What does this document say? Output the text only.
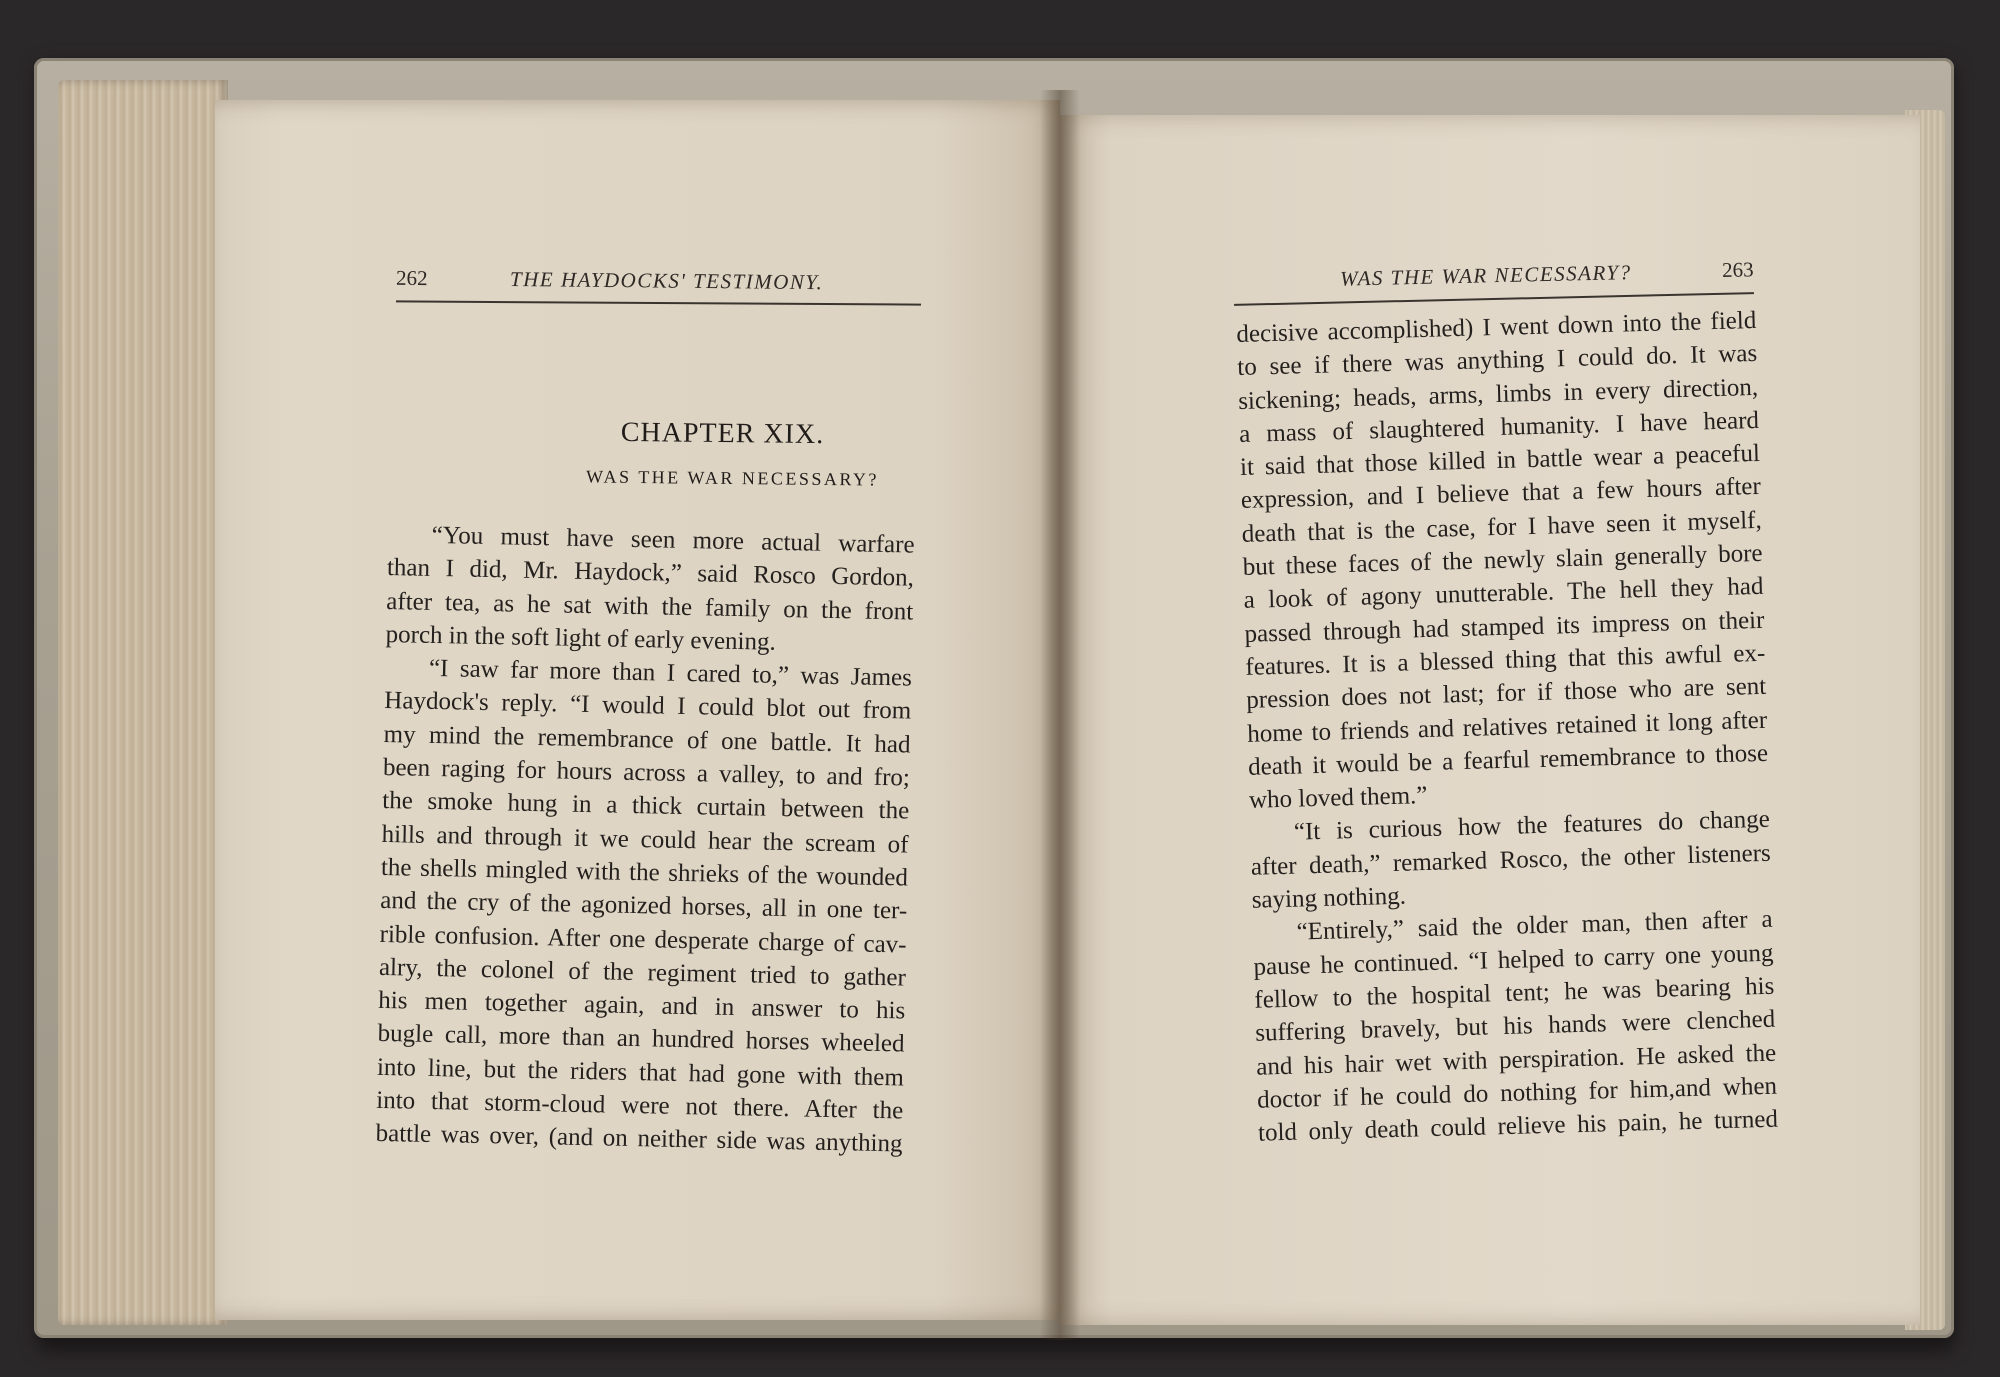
262	THE HAYDOCKS' TESTIMONY.
CHAPTER XIX.
WAS THE WAR NECESSARY?
“You must have seen more actual warfare
than I did, Mr. Haydock,” said Rosco Gordon,
after tea, as he sat with the family on the front
porch in the soft light of early evening.
“I saw far more than I cared to,” was James
Haydock's reply. “I would I could blot out from
my mind the remembrance of one battle. It had
been raging for hours across a valley, to and fro;
the smoke hung in a thick curtain between the
hills and through it we could hear the scream of
the shells mingled with the shrieks of the wounded
and the cry of the agonized horses, all in one ter-
rible confusion. After one desperate charge of cav-
alry, the colonel of the regiment tried to gather
his men together again, and in answer to his
bugle call, more than an hundred horses wheeled
into line, but the riders that had gone with them
into that storm-cloud were not there. After the
battle was over, (and on neither side was anything
WAS THE WAR NECESSARY?	263
decisive accomplished) I went down into the field
to see if there was anything I could do. It was
sickening; heads, arms, limbs in every direction,
a mass of slaughtered humanity. I have heard
it said that those killed in battle wear a peaceful
expression, and I believe that a few hours after
death that is the case, for I have seen it myself,
but these faces of the newly slain generally bore
a look of agony unutterable. The hell they had
passed through had stamped its impress on their
features. It is a blessed thing that this awful ex-
pression does not last; for if those who are sent
home to friends and relatives retained it long after
death it would be a fearful remembrance to those
who loved them.”
“It is curious how the features do change
after death,” remarked Rosco, the other listeners
saying nothing.
“Entirely,” said the older man, then after a
pause he continued. “I helped to carry one young
fellow to the hospital tent; he was bearing his
suffering bravely, but his hands were clenched
and his hair wet with perspiration. He asked the
doctor if he could do nothing for him,and when
told only death could relieve his pain, he turned
